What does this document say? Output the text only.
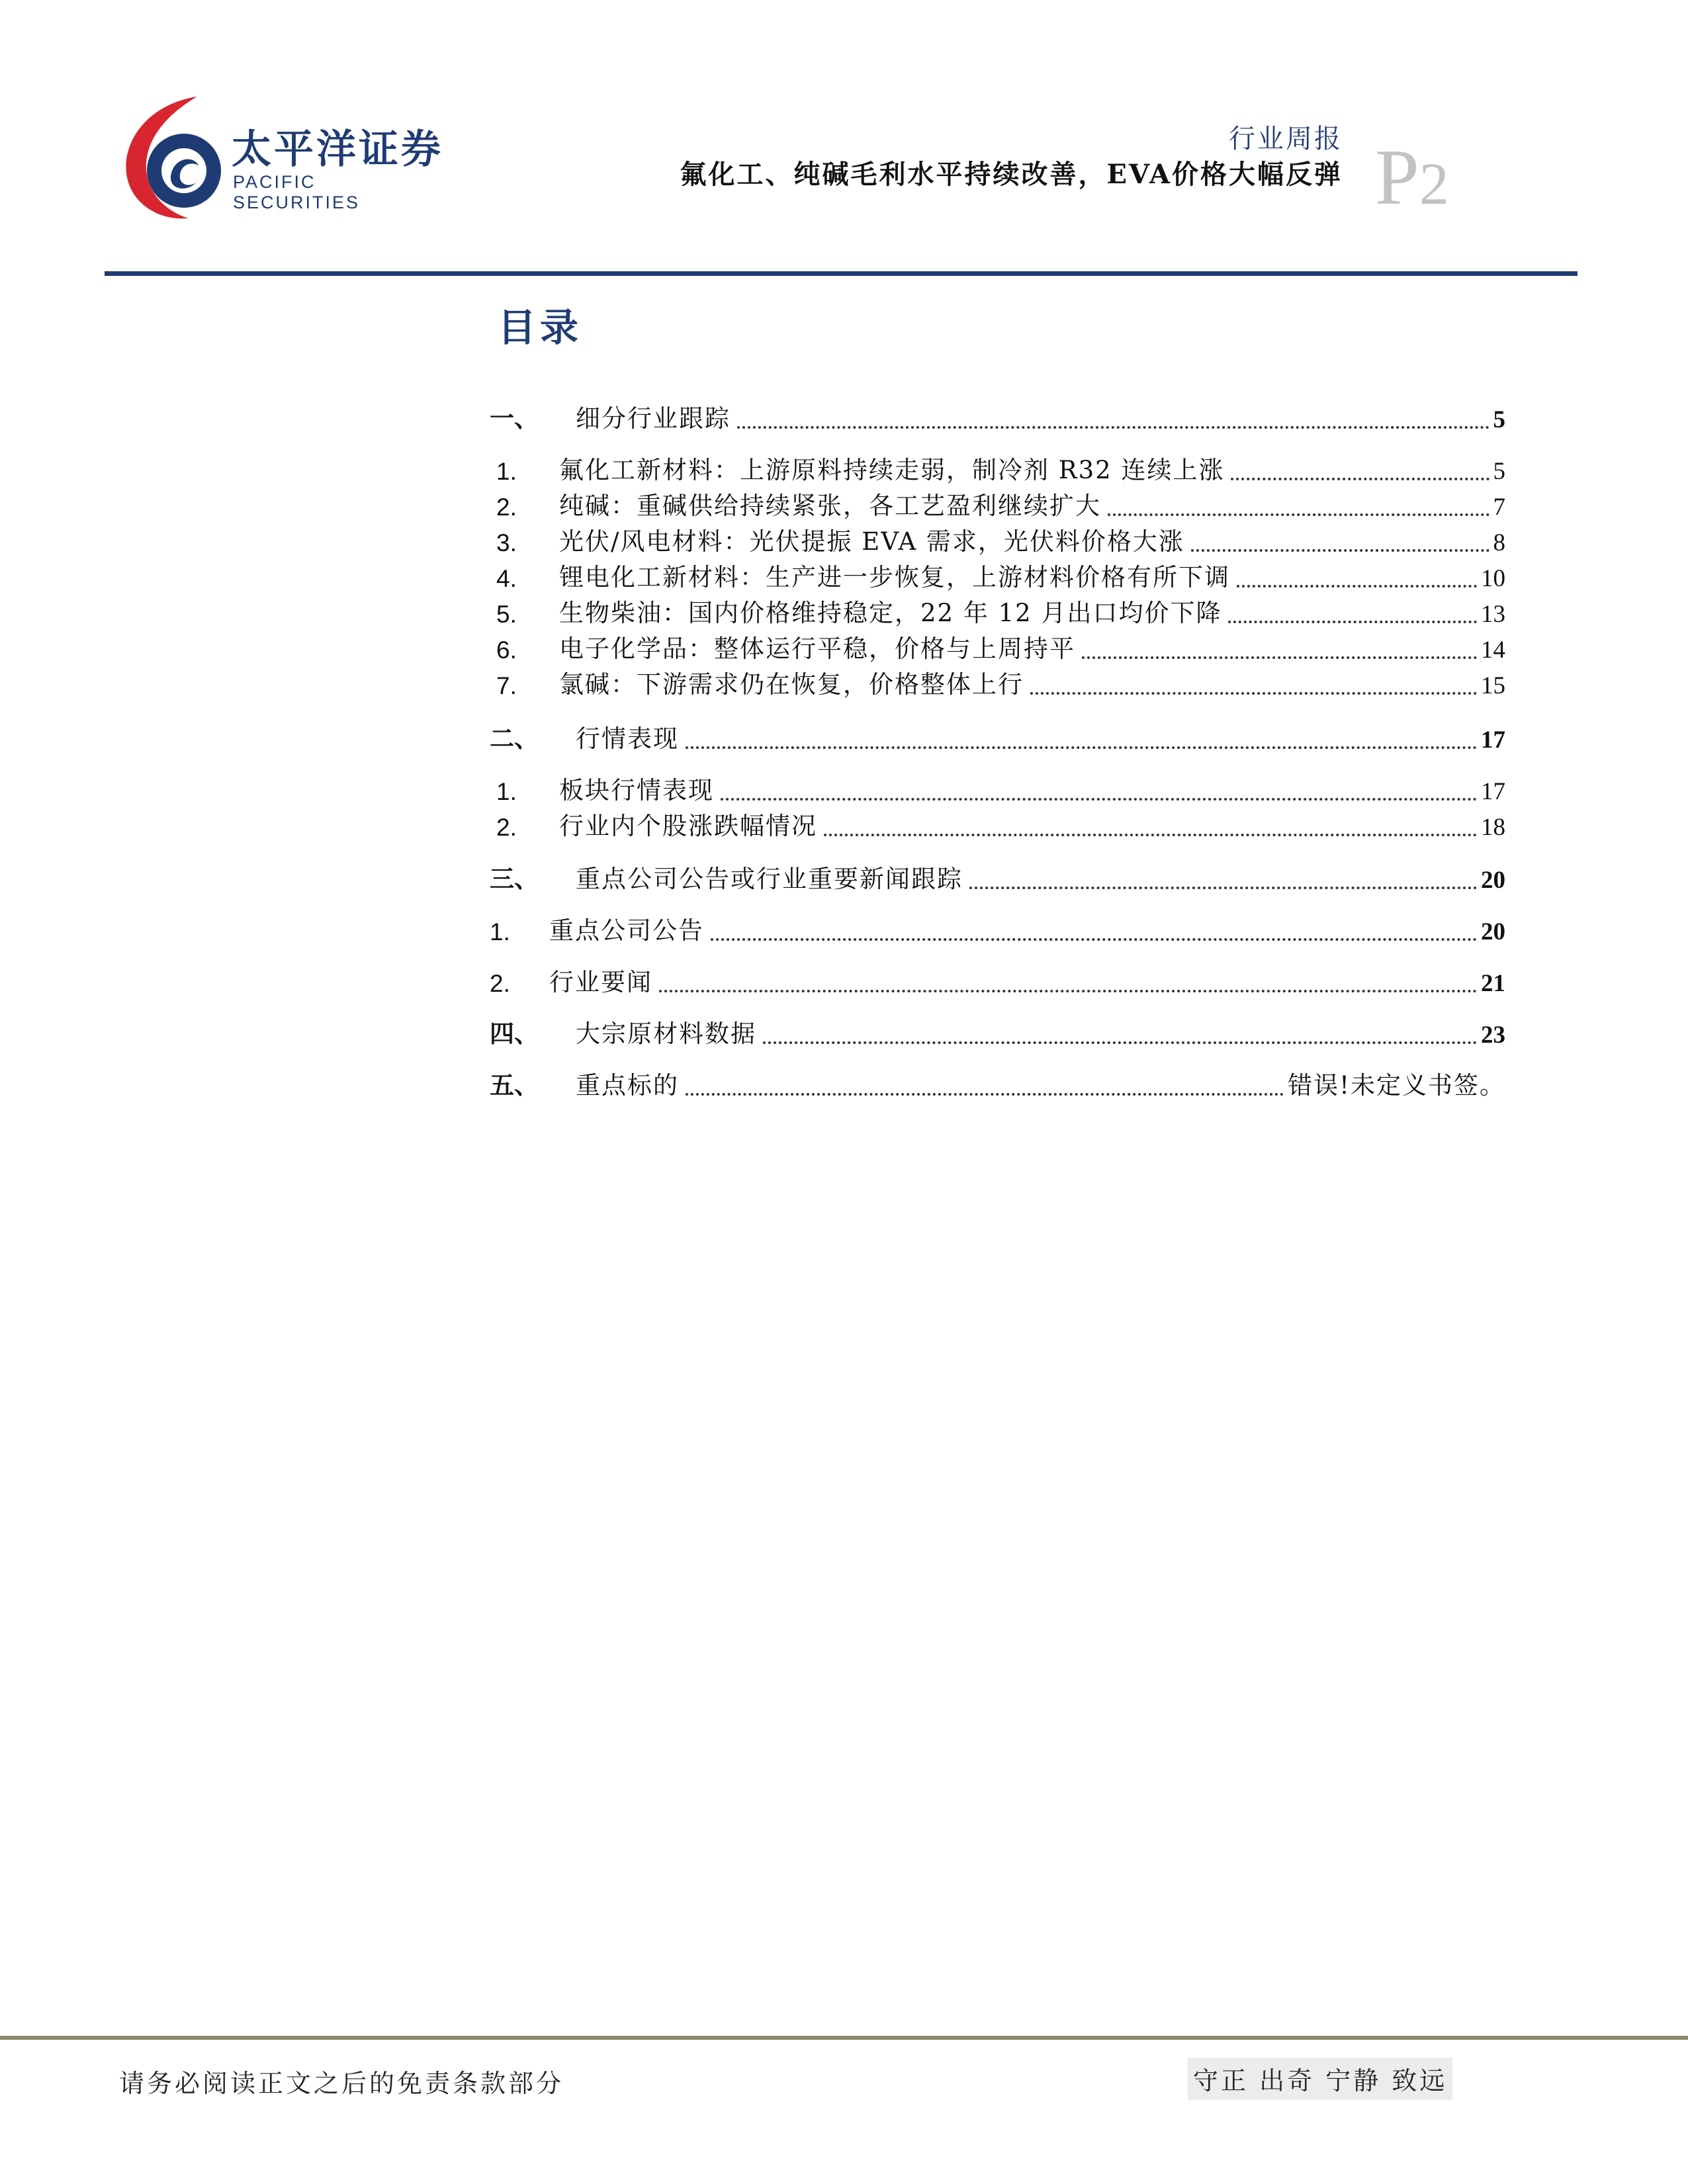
太平洋证券
PACIFIC SECURITIES
行业周报
氟化工、纯碱毛利水平持续改善，EVA价格大幅反弹 P2
目录
一、	细分行业跟踪	5
1.	氟化工新材料：上游原料持续走弱，制冷剂 R32 连续上涨	5
2.	纯碱：重碱供给持续紧张，各工艺盈利继续扩大	7
3.	光伏/风电材料：光伏提振 EVA 需求，光伏料价格大涨	8
4.	锂电化工新材料：生产进一步恢复，上游材料价格有所下调	10
5.	生物柴油：国内价格维持稳定，22 年 12 月出口均价下降	13
6.	电子化学品：整体运行平稳，价格与上周持平	14
7.	氯碱：下游需求仍在恢复，价格整体上行	15
二、	行情表现	17
1.	板块行情表现	17
2.	行业内个股涨跌幅情况	18
三、	重点公司公告或行业重要新闻跟踪	20
1.	重点公司公告	20
2.	行业要闻	21
四、	大宗原材料数据	23
五、	重点标的	错误!未定义书签。
请务必阅读正文之后的免责条款部分	守正 出奇 宁静 致远
